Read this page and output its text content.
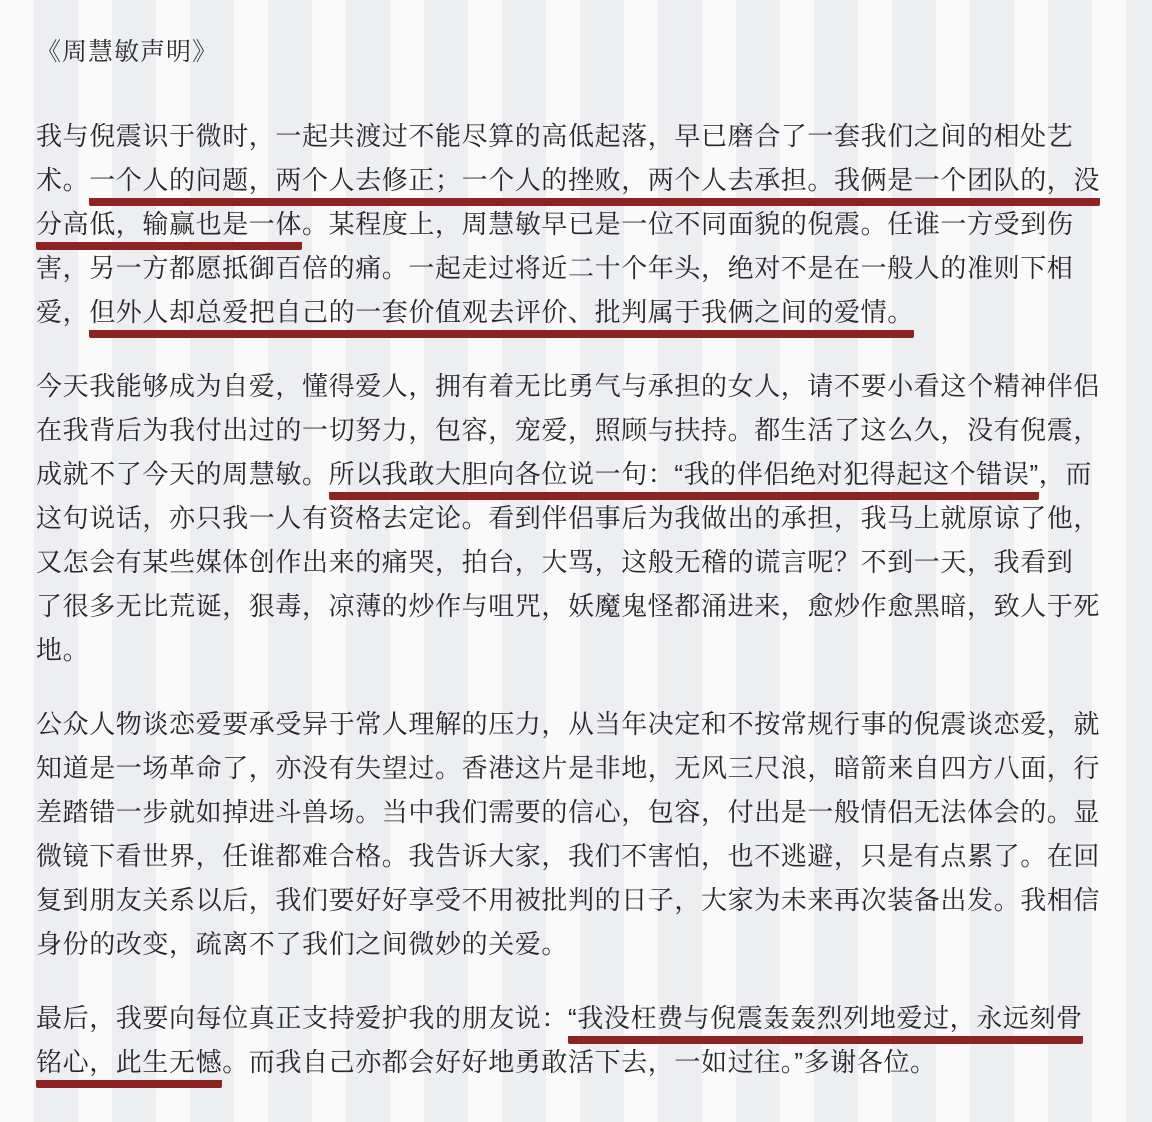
《周慧敏声明》
我与倪震识于微时，一起共渡过不能尽算的高低起落，早已磨合了一套我们之间的相处艺
术。一个人的问题，两个人去修正；一个人的挫败，两个人去承担。我俩是一个团队的，没
分高低，输赢也是一体。某程度上，周慧敏早已是一位不同面貌的倪震。任谁一方受到伤
害，另一方都愿抵御百倍的痛。一起走过将近二十个年头，绝对不是在一般人的准则下相
爱，但外人却总爱把自己的一套价值观去评价、批判属于我俩之间的爱情。
今天我能够成为自爱，懂得爱人，拥有着无比勇气与承担的女人，请不要小看这个精神伴侣
在我背后为我付出过的一切努力，包容，宠爱，照顾与扶持。都生活了这么久，没有倪震，
成就不了今天的周慧敏。所以我敢大胆向各位说一句：“我的伴侣绝对犯得起这个错误”，而
这句说话，亦只我一人有资格去定论。看到伴侣事后为我做出的承担，我马上就原谅了他，
又怎会有某些媒体创作出来的痛哭，拍台，大骂，这般无稽的谎言呢？不到一天，我看到
了很多无比荒诞，狠毒，凉薄的炒作与咀咒，妖魔鬼怪都涌进来，愈炒作愈黑暗，致人于死
地。
公众人物谈恋爱要承受异于常人理解的压力，从当年决定和不按常规行事的倪震谈恋爱，就
知道是一场革命了，亦没有失望过。香港这片是非地，无风三尺浪，暗箭来自四方八面，行
差踏错一步就如掉进斗兽场。当中我们需要的信心，包容，付出是一般情侣无法体会的。显
微镜下看世界，任谁都难合格。我告诉大家，我们不害怕，也不逃避，只是有点累了。在回
复到朋友关系以后，我们要好好享受不用被批判的日子，大家为未来再次装备出发。我相信
身份的改变，疏离不了我们之间微妙的关爱。
最后，我要向每位真正支持爱护我的朋友说：“我没枉费与倪震轰轰烈列地爱过，永远刻骨
铭心，此生无憾。而我自己亦都会好好地勇敢活下去，一如过往。”多谢各位。
